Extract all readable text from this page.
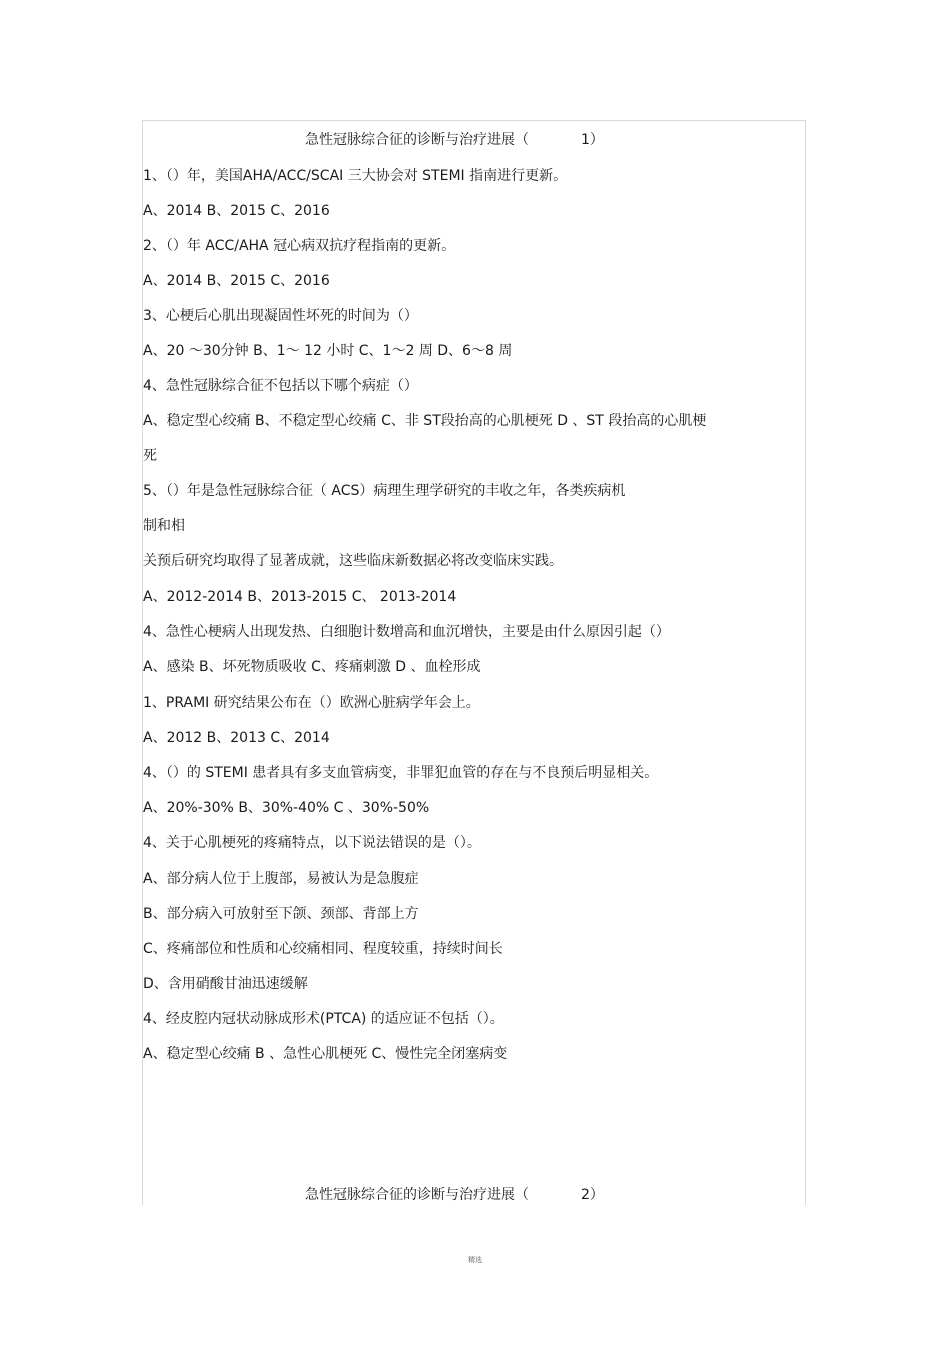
急性冠脉综合征的诊断与治疗进展（	1）
1、（）年，美国AHA/ACC/SCAI 三大协会对 STEMI 指南进行更新。
A、2014 B、2015 C、2016
2、（）年 ACC/AHA 冠心病双抗疗程指南的更新。
A、2014 B、2015 C、2016
3、心梗后心肌出现凝固性坏死的时间为（）
A、20 ～30分钟 B、1～ 12 小时 C、1～2 周 D、6～8 周
4、急性冠脉综合征不包括以下哪个病症（）
A、稳定型心绞痛 B、不稳定型心绞痛 C、非 ST段抬高的心肌梗死 D 、ST 段抬高的心肌梗
死
5、（）年是急性冠脉综合征（ ACS）病理生理学研究的丰收之年，各类疾病机
制和相
关预后研究均取得了显著成就，这些临床新数据必将改变临床实践。
A、2012-2014 B、2013-2015 C、 2013-2014
4、急性心梗病人出现发热、白细胞计数增高和血沉增快，主要是由什么原因引起（）
A、感染 B、坏死物质吸收 C、疼痛刺激 D 、血栓形成
1、PRAMI 研究结果公布在（）欧洲心脏病学年会上。
A、2012 B、2013 C、2014
4、（）的 STEMI 患者具有多支血管病变，非罪犯血管的存在与不良预后明显相关。
A、20%-30% B、30%-40% C 、30%-50%
4、关于心肌梗死的疼痛特点，以下说法错误的是（）。
A、部分病人位于上腹部，易被认为是急腹症
B、部分病入可放射至下颌、颈部、背部上方
C、疼痛部位和性质和心绞痛相同、程度较重，持续时间长
D、含用硝酸甘油迅速缓解
4、经皮腔内冠状动脉成形术(PTCA) 的适应证不包括（）。
A、稳定型心绞痛 B 、急性心肌梗死 C、慢性完全闭塞病变
急性冠脉综合征的诊断与治疗进展（	2）
精选
